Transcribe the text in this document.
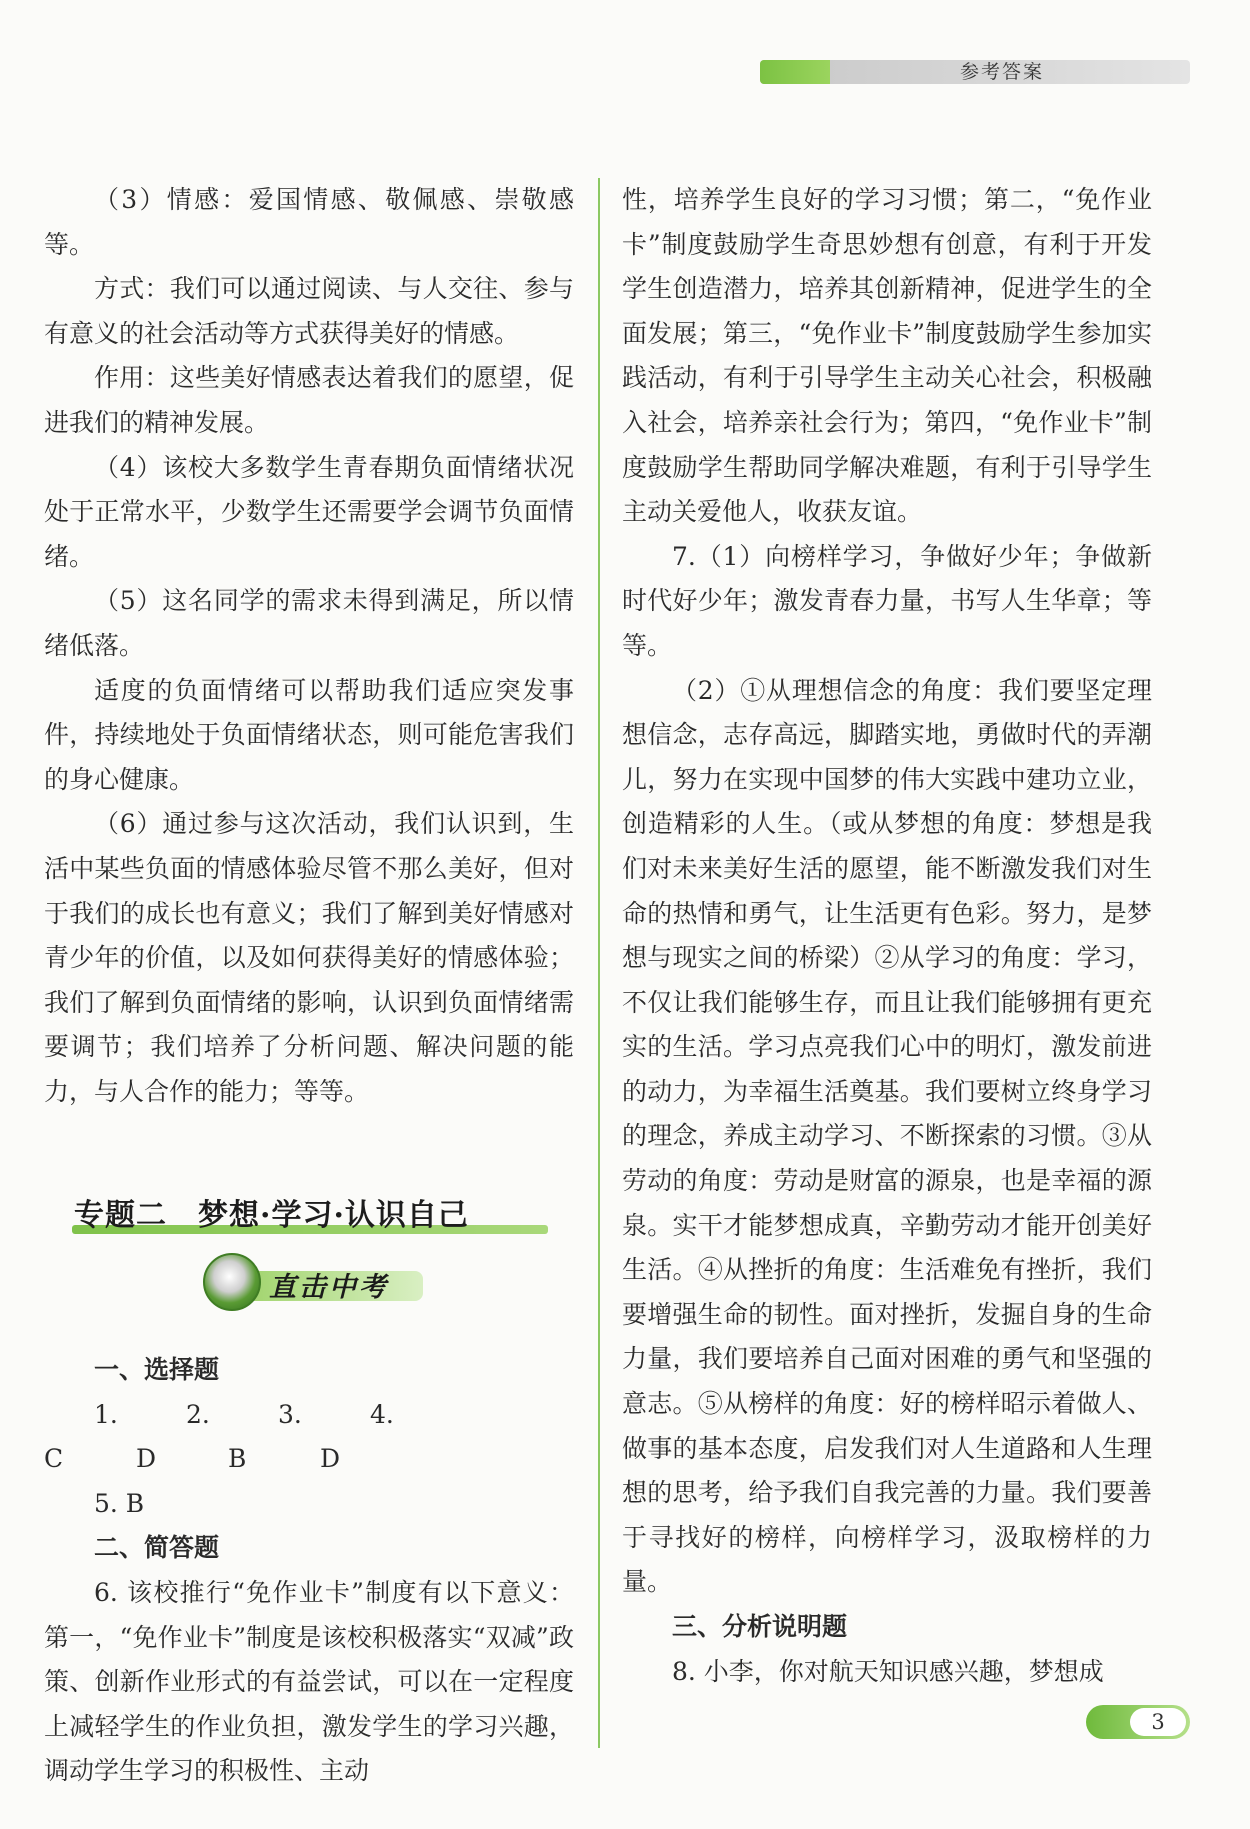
参考答案

（3）情感：爱国情感、敬佩感、崇敬感等。

方式：我们可以通过阅读、与人交往、参与有意义的社会活动等方式获得美好的情感。

作用：这些美好情感表达着我们的愿望，促进我们的精神发展。

（4）该校大多数学生青春期负面情绪状况处于正常水平，少数学生还需要学会调节负面情绪。

（5）这名同学的需求未得到满足，所以情绪低落。

适度的负面情绪可以帮助我们适应突发事件，持续地处于负面情绪状态，则可能危害我们的身心健康。

（6）通过参与这次活动，我们认识到，生活中某些负面的情感体验尽管不那么美好，但对于我们的成长也有意义；我们了解到美好情感对青少年的价值，以及如何获得美好的情感体验；我们了解到负面情绪的影响，认识到负面情绪需要调节；我们培养了分析问题、解决问题的能力，与人合作的能力；等等。

专题二　梦想·学习·认识自己
直击中考

一、选择题

1. C
2. D
3. B
4. D

5. B

二、简答题

6. 该校推行“免作业卡”制度有以下意义：第一，“免作业卡”制度是该校积极落实“双减”政策、创新作业形式的有益尝试，可以在一定程度上减轻学生的作业负担，激发学生的学习兴趣，调动学生学习的积极性、主动

性，培养学生良好的学习习惯；第二，“免作业卡”制度鼓励学生奇思妙想有创意，有利于开发学生创造潜力，培养其创新精神，促进学生的全面发展；第三，“免作业卡”制度鼓励学生参加实践活动，有利于引导学生主动关心社会，积极融入社会，培养亲社会行为；第四，“免作业卡”制度鼓励学生帮助同学解决难题，有利于引导学生主动关爱他人，收获友谊。

7.（1）向榜样学习，争做好少年；争做新时代好少年；激发青春力量，书写人生华章；等等。

（2）①从理想信念的角度：我们要坚定理想信念，志存高远，脚踏实地，勇做时代的弄潮儿，努力在实现中国梦的伟大实践中建功立业，创造精彩的人生。（或从梦想的角度：梦想是我们对未来美好生活的愿望，能不断激发我们对生命的热情和勇气，让生活更有色彩。努力，是梦想与现实之间的桥梁）②从学习的角度：学习，不仅让我们能够生存，而且让我们能够拥有更充实的生活。学习点亮我们心中的明灯，激发前进的动力，为幸福生活奠基。我们要树立终身学习的理念，养成主动学习、不断探索的习惯。③从劳动的角度：劳动是财富的源泉，也是幸福的源泉。实干才能梦想成真，辛勤劳动才能开创美好生活。④从挫折的角度：生活难免有挫折，我们要增强生命的韧性。面对挫折，发掘自身的生命力量，我们要培养自己面对困难的勇气和坚强的意志。⑤从榜样的角度：好的榜样昭示着做人、做事的基本态度，启发我们对人生道路和人生理想的思考，给予我们自我完善的力量。我们要善于寻找好的榜样，向榜样学习，汲取榜样的力量。

三、分析说明题

8. 小李，你对航天知识感兴趣，梦想成

3
